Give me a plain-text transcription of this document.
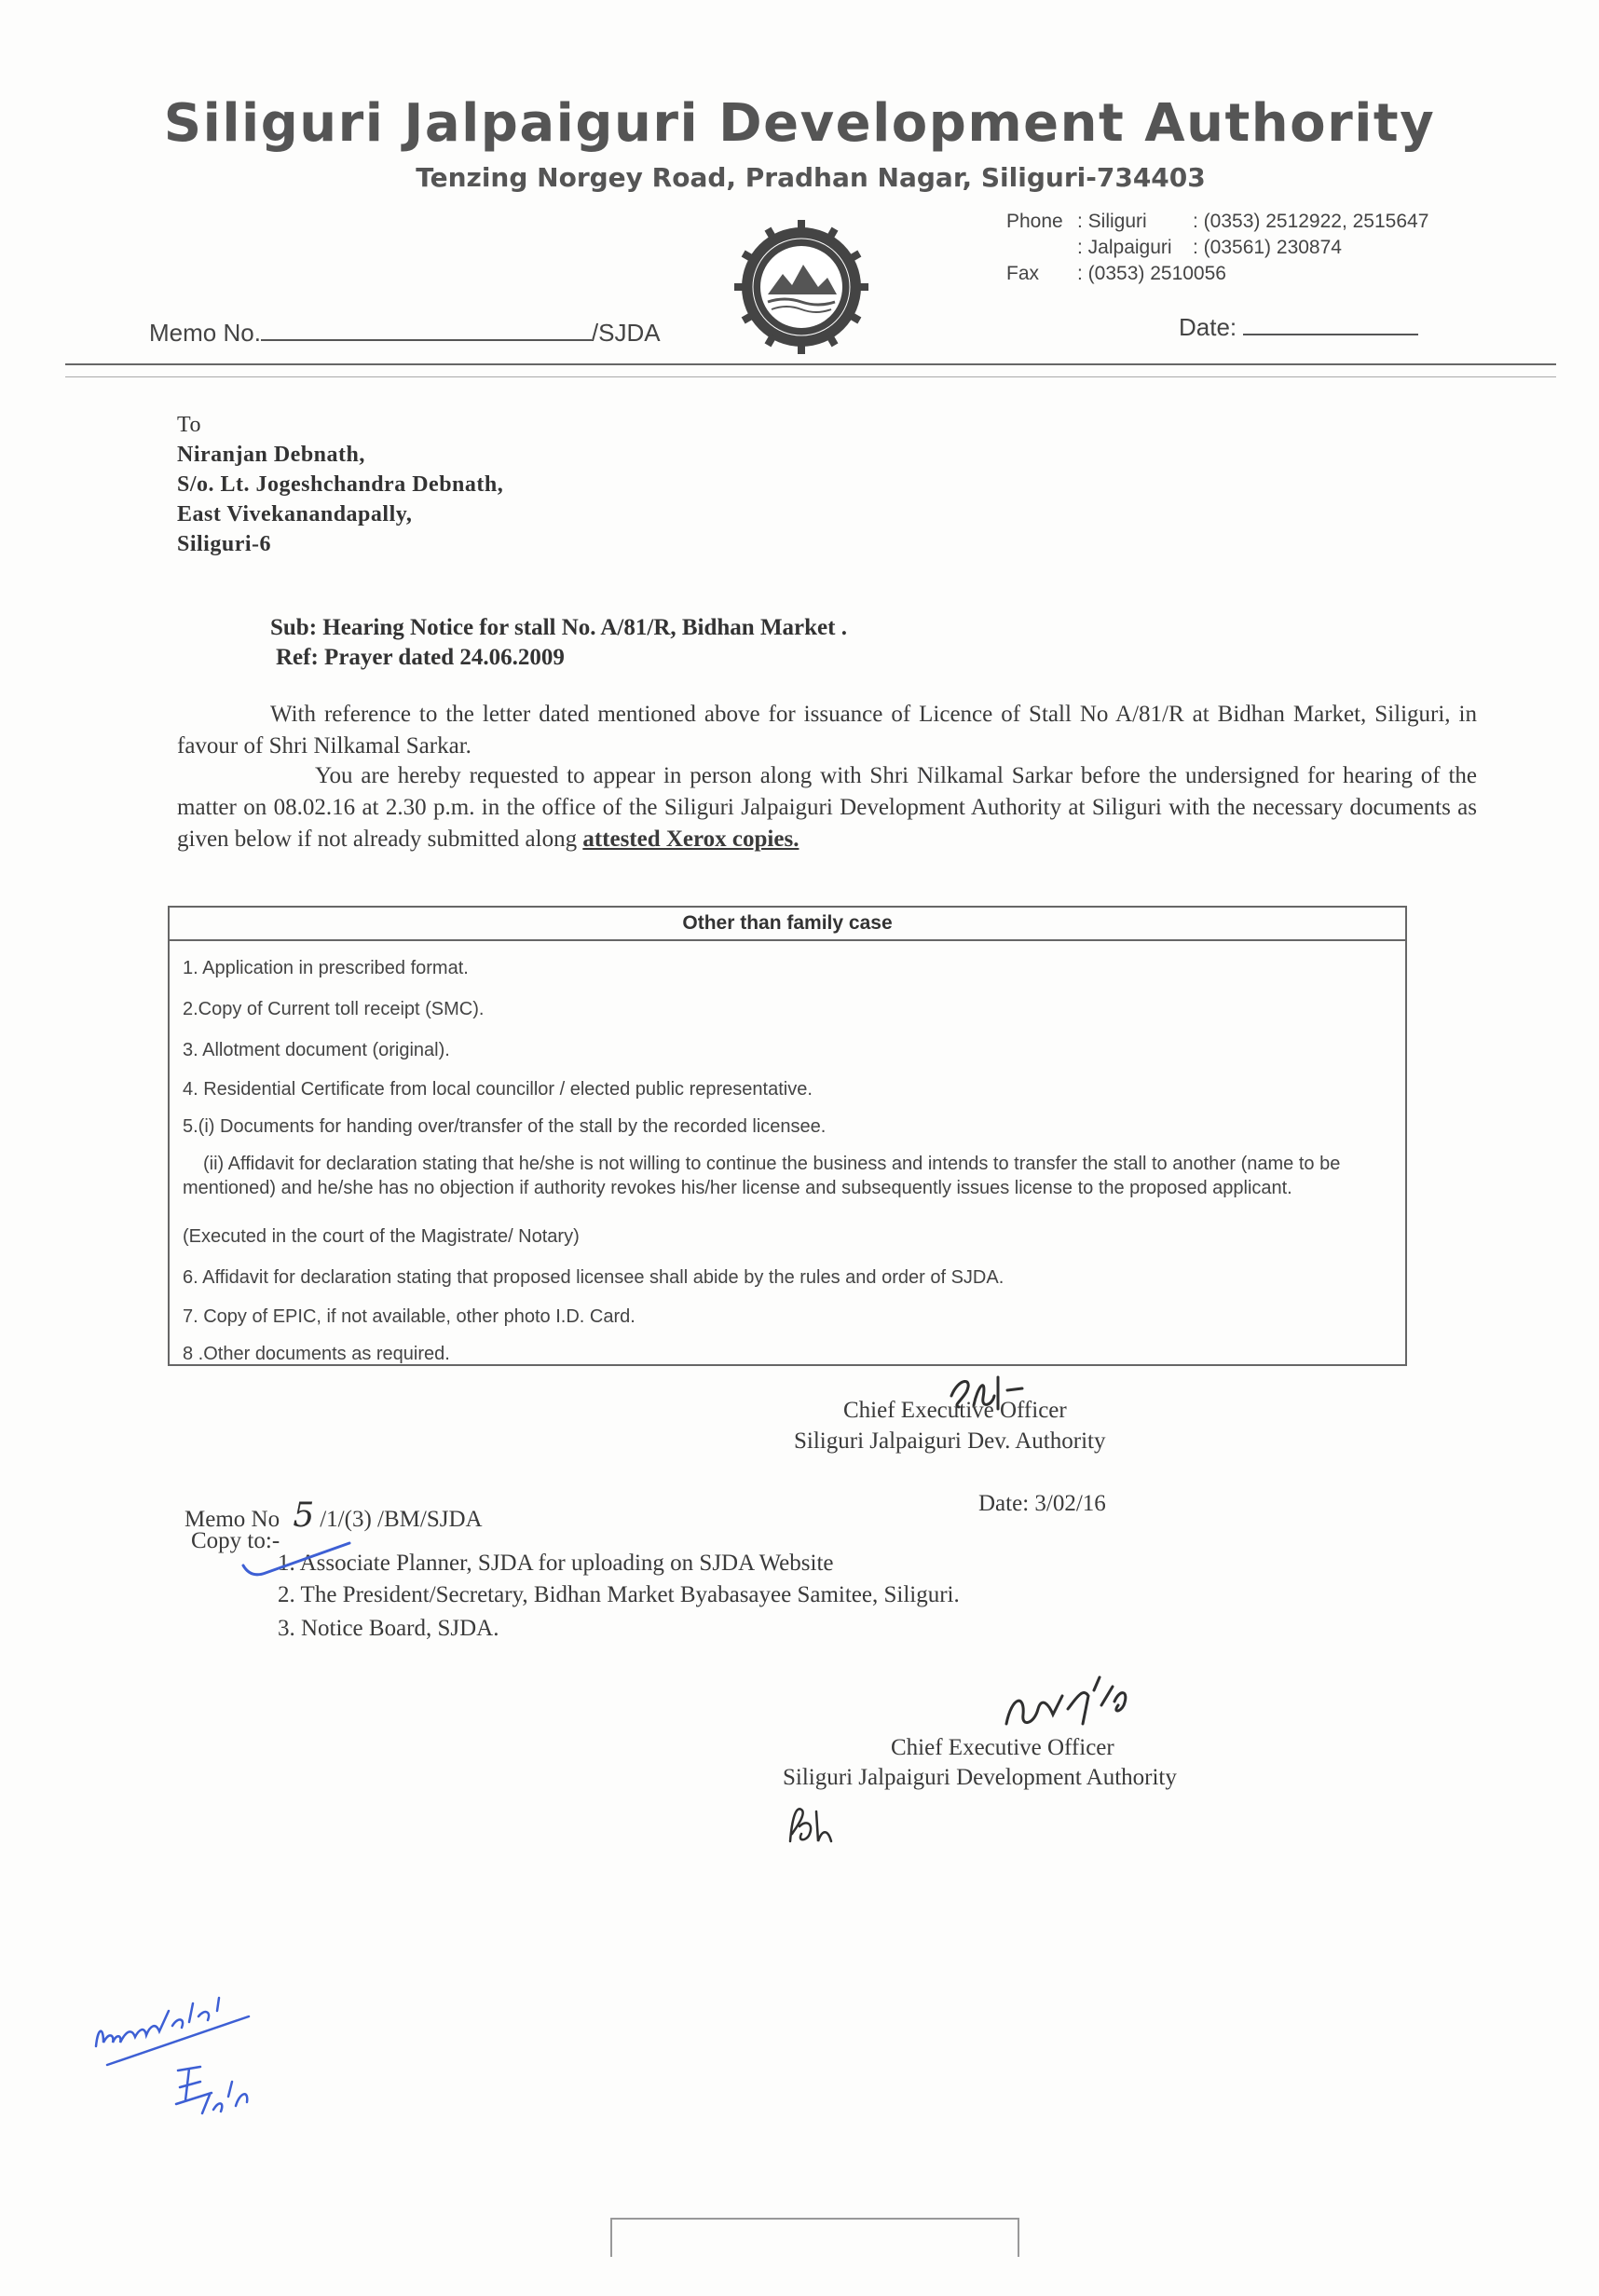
Siliguri Jalpaiguri Development Authority
Tenzing Norgey Road, Pradhan Nagar, Siliguri-734403
Phone : Siliguri : (0353) 2512922, 2515647
: Jalpaiguri : (03561) 230874
Fax : (0353) 2510056
Memo No.	/SJDA	Date:
To
Niranjan Debnath,
S/o. Lt. Jogeshchandra Debnath,
East Vivekanandapally,
Siliguri-6
Sub: Hearing Notice for stall No. A/81/R, Bidhan Market .
Ref: Prayer dated 24.06.2009
With reference to the letter dated mentioned above for issuance of Licence of Stall No A/81/R at Bidhan Market, Siliguri, in favour of Shri Nilkamal Sarkar.
You are hereby requested to appear in person along with Shri Nilkamal Sarkar before the undersigned for hearing of the matter on 08.02.16 at 2.30 p.m. in the office of the Siliguri Jalpaiguri Development Authority at Siliguri with the necessary documents as given below if not already submitted along attested Xerox copies.
Other than family case
1. Application in prescribed format.
2.Copy of Current toll receipt (SMC).
3. Allotment document (original).
4. Residential Certificate from local councillor / elected public representative.
5.(i) Documents for handing over/transfer of the stall by the recorded licensee.
(ii) Affidavit for declaration stating that he/she is not willing to continue the business and intends to transfer the stall to another (name to be mentioned) and he/she has no objection if authority revokes his/her license and subsequently issues license to the proposed applicant.
(Executed in the court of the Magistrate/ Notary)
6. Affidavit for declaration stating that proposed licensee shall abide by the rules and order of SJDA.
7. Copy of EPIC, if not available, other photo I.D. Card.
8 .Other documents as required.
Chief Executive Officer
Siliguri Jalpaiguri Dev. Authority
Memo No 5 /1/(3) /BM/SJDA
Date: 3/02/16
Copy to:-
1. Associate Planner, SJDA for uploading on SJDA Website
2. The President/Secretary, Bidhan Market Byabasayee Samitee, Siliguri.
3. Notice Board, SJDA.
Chief Executive Officer
Siliguri Jalpaiguri Development Authority
